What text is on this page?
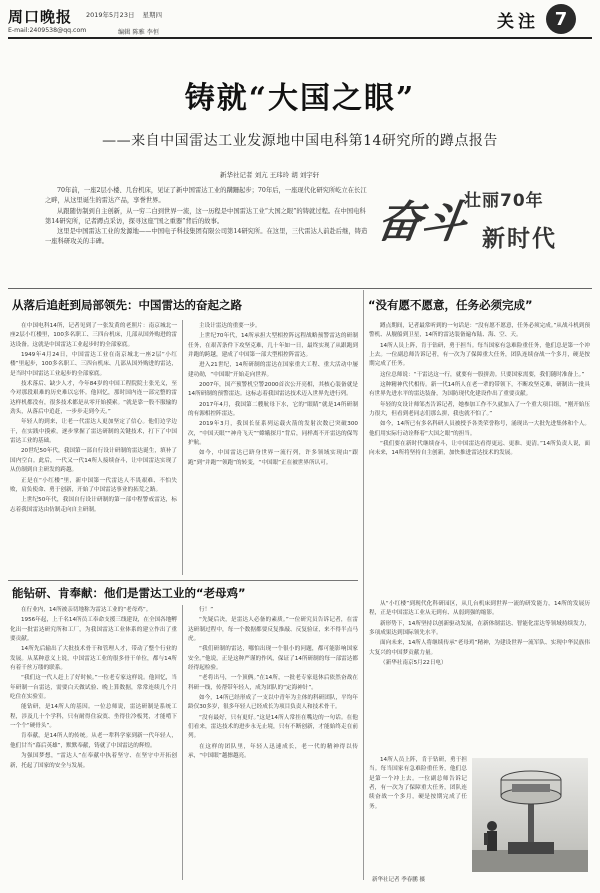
周口晚报 2019年5月23日 星期四
E-mail:2409538@qq.com	编辑 陈雅 李恒
关注 7
铸就“大国之眼”
——来自中国雷达工业发源地中国电科第14研究所的蹲点报告
新华社记者 刘亢 王玮玲 胡 刘宇轩

70年前，一座2层小楼、几台机床，见证了新中国雷达工业的蹒跚起步；70年后，一座现代化研究所屹立在长江之畔，从这里诞生的雷达产品，享誉世界。

从跟随仿制到自主创新，从一穷二白到世界一流，这一历程是中国雷达工业“大国之眼”的铸就过程。在中国电科第14研究所，记者蹲点采访，探寻这座“国之重器”背后的故事。

这里是中国雷达工业的发源地——中国电子科技集团有限公司第14研究所。在这里，三代雷达人前赴后继，铸造一座科研攻关的丰碑。	奋斗
壮丽70年
新时代
从落后追赶到局部领先：中国雷达的奋起之路	“没有愿不愿意，任务必须完成”
能钻研、肯奉献：他们是雷达工业的“老母鸡”

在中国电科14所，记者见到了一张发黄的老照片：南京城北一座2层小红楼里，100多名职工、三四台机床，几部从国外购进的雷达设备。这就是中国雷达工业起步时的全部家底。

1949年4月24日，中国雷达工业在南京城北一座2层“小红楼”里起步，100多名职工、三四台机床、几部从国外购进的雷达，是当时中国雷达工业起步的全部家底。

技术落后、缺少人才，今年84岁的中国工程院院士张光义，至今对那段艰难的历史难以忘怀。他回忆，那时国内连一部完整的雷达样机都没有，很多技术都是从零开始摸索。“就是靠一股不服输的劲头，从落后中追赶，一步步走到今天。”

年轻人的到来，让老一代雷达人更加坚定了信心。他们边学边干，在实践中摸索，逐步掌握了雷达研制的关键技术，打下了中国雷达工业的基础。

20世纪50年代，我国第一部自行设计研制的雷达诞生，填补了国内空白。此后，一代又一代14所人接续奋斗，让中国雷达实现了从仿制到自主研发的跨越。

正是在“小红楼”里，新中国第一代雷达人不畏艰难、不怕失败，肩负使命、勇于创新，开始了中国雷达事业的拓荒之路。

上世纪50年代，我国自行设计研制的第一部中程警戒雷达，标志着我国雷达由仿制走向自主研制。

主设计雷达的重要一步。

上世纪70年代，14所承担大型相控阵远程战略预警雷达的研制任务，在艰苦条件下攻坚克难，几十年如一日，最终实现了从跟跑到并跑的跨越，建成了中国第一部大型相控阵雷达。

进入21世纪，14所研制的雷达在国家重大工程、重大活动中屡建功勋，“中国眼”开始走向世界。

2007年，国产预警机空警2000首次公开亮相，其核心装备就是14所研制的预警雷达。这标志着我国雷达技术迈入世界先进行列。

2017年4月，我国第二艘航母下水，它的“眼睛”就是14所研制的有源相控阵雷达。

2019年3月，我国长征系列运载火箭的发射次数已突破300次，“中国天眼”“神舟飞天”“嫦娥探月”背后，同样离不开雷达的保驾护航。

如今，中国雷达已跻身世界一流行列，许多领域实现由“跟跑”到“并跑”“领跑”的转变，“中国眼”正在被世界所认可。

在行业内，14所被亲切地称为雷达工业的“老母鸡”。

1956年起，上千名14所员工奉命支援三线建设，在全国各地孵化出一批雷达研究所和工厂，为我国雷达工业体系的建立作出了重要贡献。

14所先后输出了大批技术骨干和管理人才，带动了整个行业的发展。从某种意义上说，中国雷达工业的很多骨干单位，都与14所有着千丝万缕的联系。

“我们这一代人赶上了好时候。”一位老专家这样说。他回忆，当年研制一台雷达，需要白天做试验、晚上算数据，常常连续几个月吃住在实验室。

能钻研，是14所人的基因。一位总师说，雷达研制是系统工程，涉及几十个学科，只有耐得住寂寞、坐得住冷板凳，才能啃下一个个“硬骨头”。

肯奉献，是14所人的传统。从老一辈科学家到新一代年轻人，他们甘当“幕后英雄”，默默奉献，铸就了中国雷达的辉煌。

为强国梦想，“雷达人”在奉献中执着坚守、在坚守中开拓创新，托起了国家的安全与发展。

行！”

“先疑后决，是雷达人必备的素质。”一位研究员告诉记者，在雷达研制过程中，每一个数据都要反复推敲、反复验证，来不得半点马虎。

“我们研制的雷达，哪怕出现一个很小的问题，都可能影响国家安全。”他说，正是这种严谨的作风，保证了14所研制的每一部雷达都经得起检验。

“老将出马，一个顶俩。”在14所，一批老专家退休后依然奋战在科研一线，传帮带年轻人，成为团队的“定海神针”。

如今，14所已经形成了一支以中青年为主体的科研团队，平均年龄仅30多岁，很多年轻人已经成长为项目负责人和技术骨干。

“没有最好，只有更好。”这是14所人常挂在嘴边的一句话。在他们看来，雷达技术的进步永无止境，只有不断创新，才能始终走在前列。

在这样的团队里，年轻人迅速成长，老一代的精神得以传承，“中国眼”越擦越亮。

蹲点期间，记者最常听到的一句话是：“没有愿不愿意，任务必须完成。”从战斗机到预警机、从舰船到卫星，14所的雷达装备遍布陆、海、空、天。

14所人员上阵，肯于钻研，勇于担当。每当国家有急难险重任务，他们总是第一个冲上去。一位副总师告诉记者，有一次为了保障重大任务，团队连续奋战一个多月，硬是按期完成了任务。

这位总师说：“干雷达这一行，就要有一股拼劲。只要国家需要，我们随时准备上。”

这种精神代代相传。新一代14所人在老一辈的带领下，不断攻坚克难，研制出一批具有世界先进水平的雷达装备，为国防现代化建设作出了重要贡献。

年轻的女设计师邹杰告诉记者，她参加工作不久就加入了一个重大项目组，“刚开始压力很大，但看到老同志们那么拼，我也就不怕了。”

如今，14所已有多名科研人员被授予各类荣誉称号，涌现出一大批先进集体和个人。他们用实际行动诠释着“大国之眼”的担当。

“我们要在新时代继续奋斗，让中国雷达看得更远、更准、更清。”14所负责人说，面向未来，14所将坚持自主创新，加快推进雷达技术的发展。

从“小红楼”到现代化科研园区，从几台机床到世界一流的研发能力，14所的发展历程，正是中国雷达工业从无到有、从弱到强的缩影。

新形势下，14所坚持以创新驱动发展，在新体制雷达、智能化雷达等领域持续发力，多项成果达到国际领先水平。

面向未来，14所人将继续传承“老母鸡”精神，为建设世界一流军队、实现中华民族伟大复兴的中国梦贡献力量。

（新华社南京5月22日电）

14所人员上阵，肯于钻研，勇于担当。每当国家有急难险重任务，他们总是第一个冲上去。一位副总师告诉记者，有一次为了保障重大任务，团队连续奋战一个多月，硬是按期完成了任务。

新华社记者 季春鹏 摄
